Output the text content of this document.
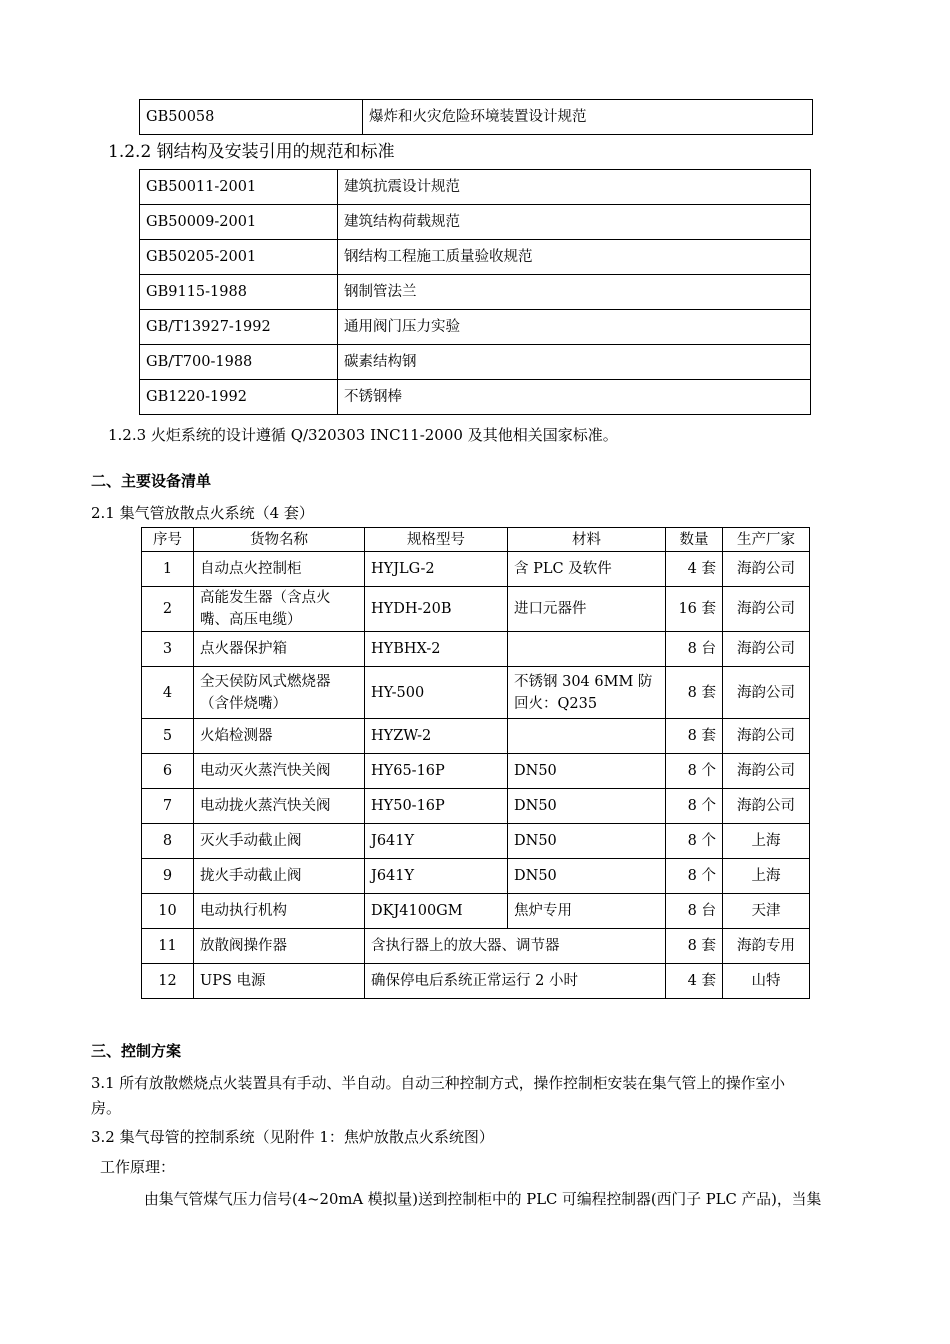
GB50058	爆炸和火灾危险环境装置设计规范
1.2.2 钢结构及安装引用的规范和标准
GB50011-2001	建筑抗震设计规范
GB50009-2001	建筑结构荷载规范
GB50205-2001	钢结构工程施工质量验收规范
GB9115-1988	钢制管法兰
GB/T13927-1992	通用阀门压力实验
GB/T700-1988	碳素结构钢
GB1220-1992	不锈钢棒
1.2.3 火炬系统的设计遵循 Q/320303 INC11-2000 及其他相关国家标准。
二、主要设备清单
2.1 集气管放散点火系统（4 套）
序号	货物名称	规格型号	材料	数量	生产厂家
1	自动点火控制柜	HYJLG-2	含 PLC 及软件	4 套	海韵公司
2	高能发生器（含点火嘴、高压电缆）	HYDH-20B	进口元器件	16 套	海韵公司
3	点火器保护箱	HYBHX-2		8 台	海韵公司
4	全天侯防风式燃烧器（含伴烧嘴）	HY-500	不锈钢 304 6MM 防回火：Q235	8 套	海韵公司
5	火焰检测器	HYZW-2		8 套	海韵公司
6	电动灭火蒸汽快关阀	HY65-16P	DN50	8 个	海韵公司
7	电动拢火蒸汽快关阀	HY50-16P	DN50	8 个	海韵公司
8	灭火手动截止阀	J641Y	DN50	8 个	上海
9	拢火手动截止阀	J641Y	DN50	8 个	上海
10	电动执行机构	DKJ4100GM	焦炉专用	8 台	天津
11	放散阀操作器	含执行器上的放大器、调节器		8 套	海韵专用
12	UPS 电源	确保停电后系统正常运行 2 小时		4 套	山特
三、控制方案
3.1 所有放散燃烧点火装置具有手动、半自动。自动三种控制方式，操作控制柜安装在集气管上的操作室小
房。
3.2 集气母管的控制系统（见附件 1：焦炉放散点火系统图）
工作原理：
由集气管煤气压力信号(4~20mA 模拟量)送到控制柜中的 PLC 可编程控制器(西门子 PLC 产品)，当集
